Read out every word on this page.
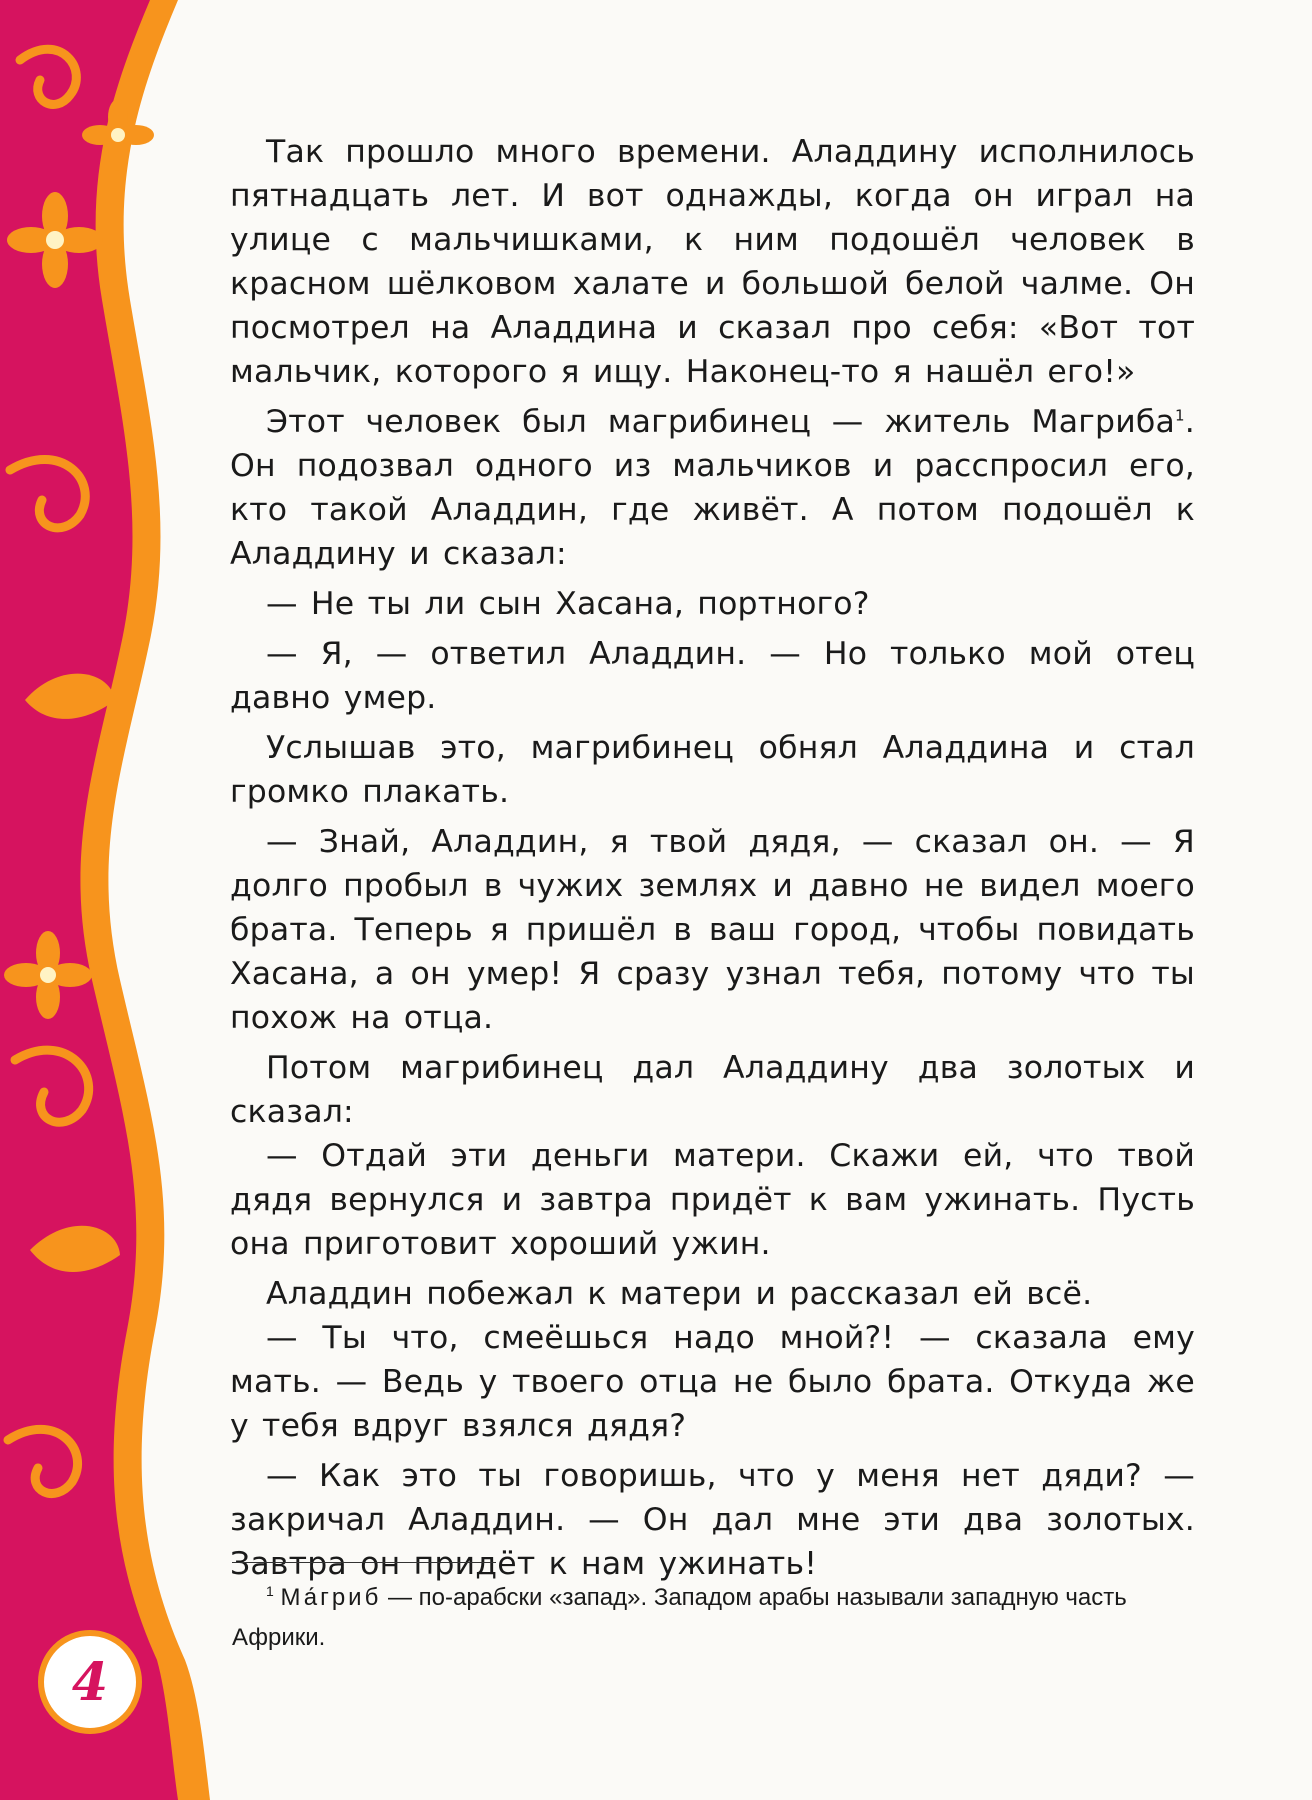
Так прошло много времени. Аладдину исполнилось пятнадцать лет. И вот однажды, когда он играл на улице с мальчишками, к ним подошёл человек в красном шёлковом халате и большой белой чалме. Он посмотрел на Аладдина и сказал про себя: «Вот тот мальчик, которого я ищу. Наконец-то я нашёл его!»

Этот человек был магрибинец — житель Магриба$^1$. Он подозвал одного из мальчиков и расспросил его, кто такой Аладдин, где живёт. А потом подошёл к Аладдину и сказал:

— Не ты ли сын Хасана, портного?

— Я, — ответил Аладдин. — Но только мой отец давно умер.

Услышав это, магрибинец обнял Аладдина и стал громко плакать.

— Знай, Аладдин, я твой дядя, — сказал он. — Я долго пробыл в чужих землях и давно не видел моего брата. Теперь я пришёл в ваш город, чтобы повидать Хасана, а он умер! Я сразу узнал тебя, потому что ты похож на отца.

Потом магрибинец дал Аладдину два золотых и сказал:

— Отдай эти деньги матери. Скажи ей, что твой дядя вернулся и завтра придёт к вам ужинать. Пусть она приготовит хороший ужин.

Аладдин побежал к матери и рассказал ей всё.

— Ты что, смеёшься надо мной?! — сказала ему мать. — Ведь у твоего отца не было брата. Откуда же у тебя вдруг взялся дядя?

— Как это ты говоришь, что у меня нет дяди? — закричал Аладдин. — Он дал мне эти два золотых. Завтра он придёт к нам ужинать!

$^1$ Ма́гриб — по-арабски «запад». Западом арабы называли западную часть Африки.
4
